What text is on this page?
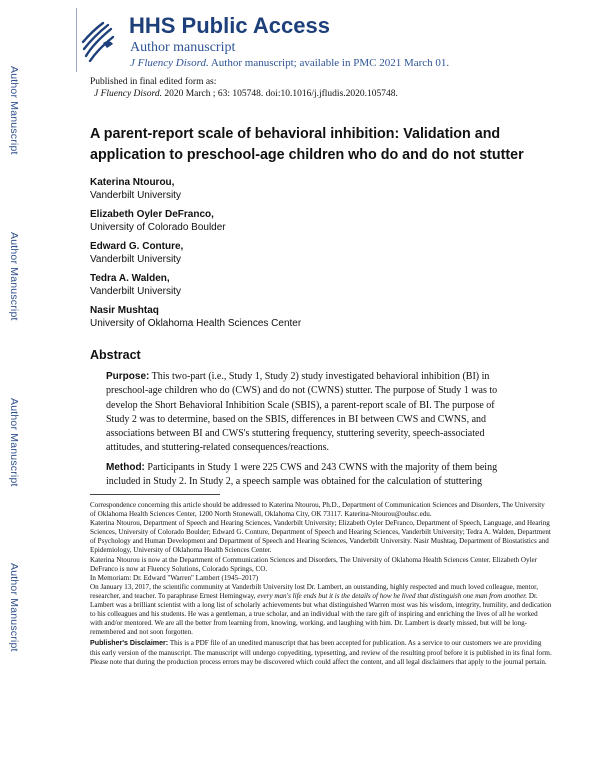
Author Manuscript
Author Manuscript
Author Manuscript
Author Manuscript
HHS Public Access
Author manuscript
J Fluency Disord. Author manuscript; available in PMC 2021 March 01.
Published in final edited form as:
J Fluency Disord. 2020 March ; 63: 105748. doi:10.1016/j.jfludis.2020.105748.
A parent-report scale of behavioral inhibition: Validation and
application to preschool-age children who do and do not stutter
Katerina Ntourou,
Vanderbilt University
Elizabeth Oyler DeFranco,
University of Colorado Boulder
Edward G. Conture,
Vanderbilt University
Tedra A. Walden,
Vanderbilt University
Nasir Mushtaq
University of Oklahoma Health Sciences Center
Abstract

Purpose: This two-part (i.e., Study 1, Study 2) study investigated behavioral inhibition (BI) in preschool-age children who do (CWS) and do not (CWNS) stutter. The purpose of Study 1 was to develop the Short Behavioral Inhibition Scale (SBIS), a parent-report scale of BI. The purpose of Study 2 was to determine, based on the SBIS, differences in BI between CWS and CWNS, and associations between BI and CWS's stuttering frequency, stuttering severity, speech-associated attitudes, and stuttering-related consequences/reactions.

Method: Participants in Study 1 were 225 CWS and 243 CWNS with the majority of them being included in Study 2. In Study 2, a speech sample was obtained for the calculation of stuttering

Correspondence concerning this article should be addressed to Katerina Ntourou, Ph.D., Department of Communication Sciences and Disorders, The University of Oklahoma Health Sciences Center, 1200 North Stonewall, Oklahoma City, OK 73117. Katerina-Ntourou@ouhsc.edu.

Katerina Ntourou, Department of Speech and Hearing Sciences, Vanderbilt University; Elizabeth Oyler DeFranco, Department of Speech, Language, and Hearing Sciences, University of Colorado Boulder; Edward G. Conture, Department of Speech and Hearing Sciences, Vanderbilt University; Tedra A. Walden, Department of Psychology and Human Development and Department of Speech and Hearing Sciences, Vanderbilt University. Nasir Mushtaq, Department of Biostatistics and Epidemiology, University of Oklahoma Health Sciences Center.

Katerina Ntourou is now at the Department of Communication Sciences and Disorders, The University of Oklahoma Health Sciences Center. Elizabeth Oyler DeFranco is now at Fluency Solutions, Colorado Springs, CO.

In Memoriam: Dr. Edward "Warren" Lambert (1945–2017)

On January 13, 2017, the scientific community at Vanderbilt University lost Dr. Lambert, an outstanding, highly respected and much loved colleague, mentor, researcher, and teacher. To paraphrase Ernest Hemingway, every man's life ends but it is the details of how he lived that distinguish one man from another. Dr. Lambert was a brilliant scientist with a long list of scholarly achievements but what distinguished Warren most was his wisdom, integrity, humility, and dedication to his colleagues and his students. He was a gentleman, a true scholar, and an individual with the rare gift of inspiring and enriching the lives of all he worked with and/or mentored. We are all the better from learning from, knowing, working, and laughing with him. Dr. Lambert is dearly missed, but will be long-remembered and not soon forgotten.

Publisher's Disclaimer: This is a PDF file of an unedited manuscript that has been accepted for publication. As a service to our customers we are providing this early version of the manuscript. The manuscript will undergo copyediting, typesetting, and review of the resulting proof before it is published in its final form. Please note that during the production process errors may be discovered which could affect the content, and all legal disclaimers that apply to the journal pertain.
